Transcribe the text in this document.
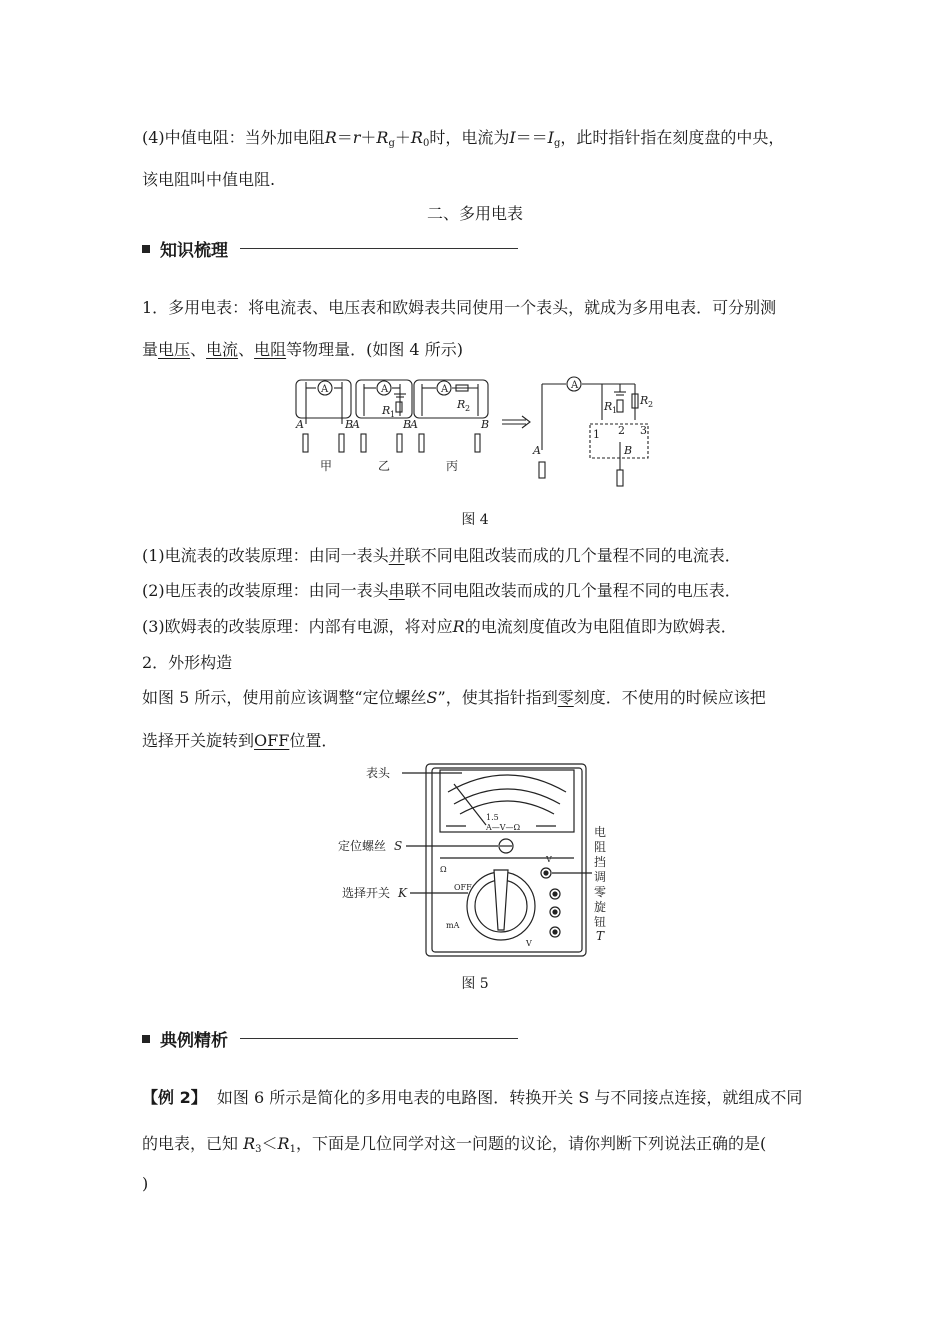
(4)中值电阻：当外加电阻$R=r+R_g+R_0$时，电流为$I==I_g$，此时指针指在刻度盘的中央，
该电阻叫中值电阻.
二、多用电表
知识梳理
1．多用电表：将电流表、电压表和欧姆表共同使用一个表头，就成为多用电表．可分别测
量电压、电流、电阻等物理量．(如图 4 所示)
A	B
A	A	A	A
A	B
A	B
R 1
R 2	R 1
R 2
1 2 3
A	B
甲	乙	丙
图 4
(1)电流表的改装原理：由同一表头并联不同电阻改装而成的几个量程不同的电流表．
(2)电压表的改装原理：由同一表头串联不同电阻改装而成的几个量程不同的电压表．
(3)欧姆表的改装原理：内部有电源，将对应R的电流刻度值改为电阻值即为欧姆表．
2．外形构造
如图 5 所示，使用前应该调整“定位螺丝S”，使其指针指到零刻度．不使用的时候应该把
选择开关旋转到OFF位置．
1.5
A—V—Ω
Ω
OFF
V
V
mA
表头
定位螺丝 S
选择开关 K
电
阻
挡
调
零
旋
钮
T
图 5
典例精析
【例 2】 如图 6 所示是简化的多用电表的电路图．转换开关 S 与不同接点连接，就组成不同
的电表，已知 $R_3<R_1$，下面是几位同学对这一问题的议论，请你判断下列说法正确的是(
)
